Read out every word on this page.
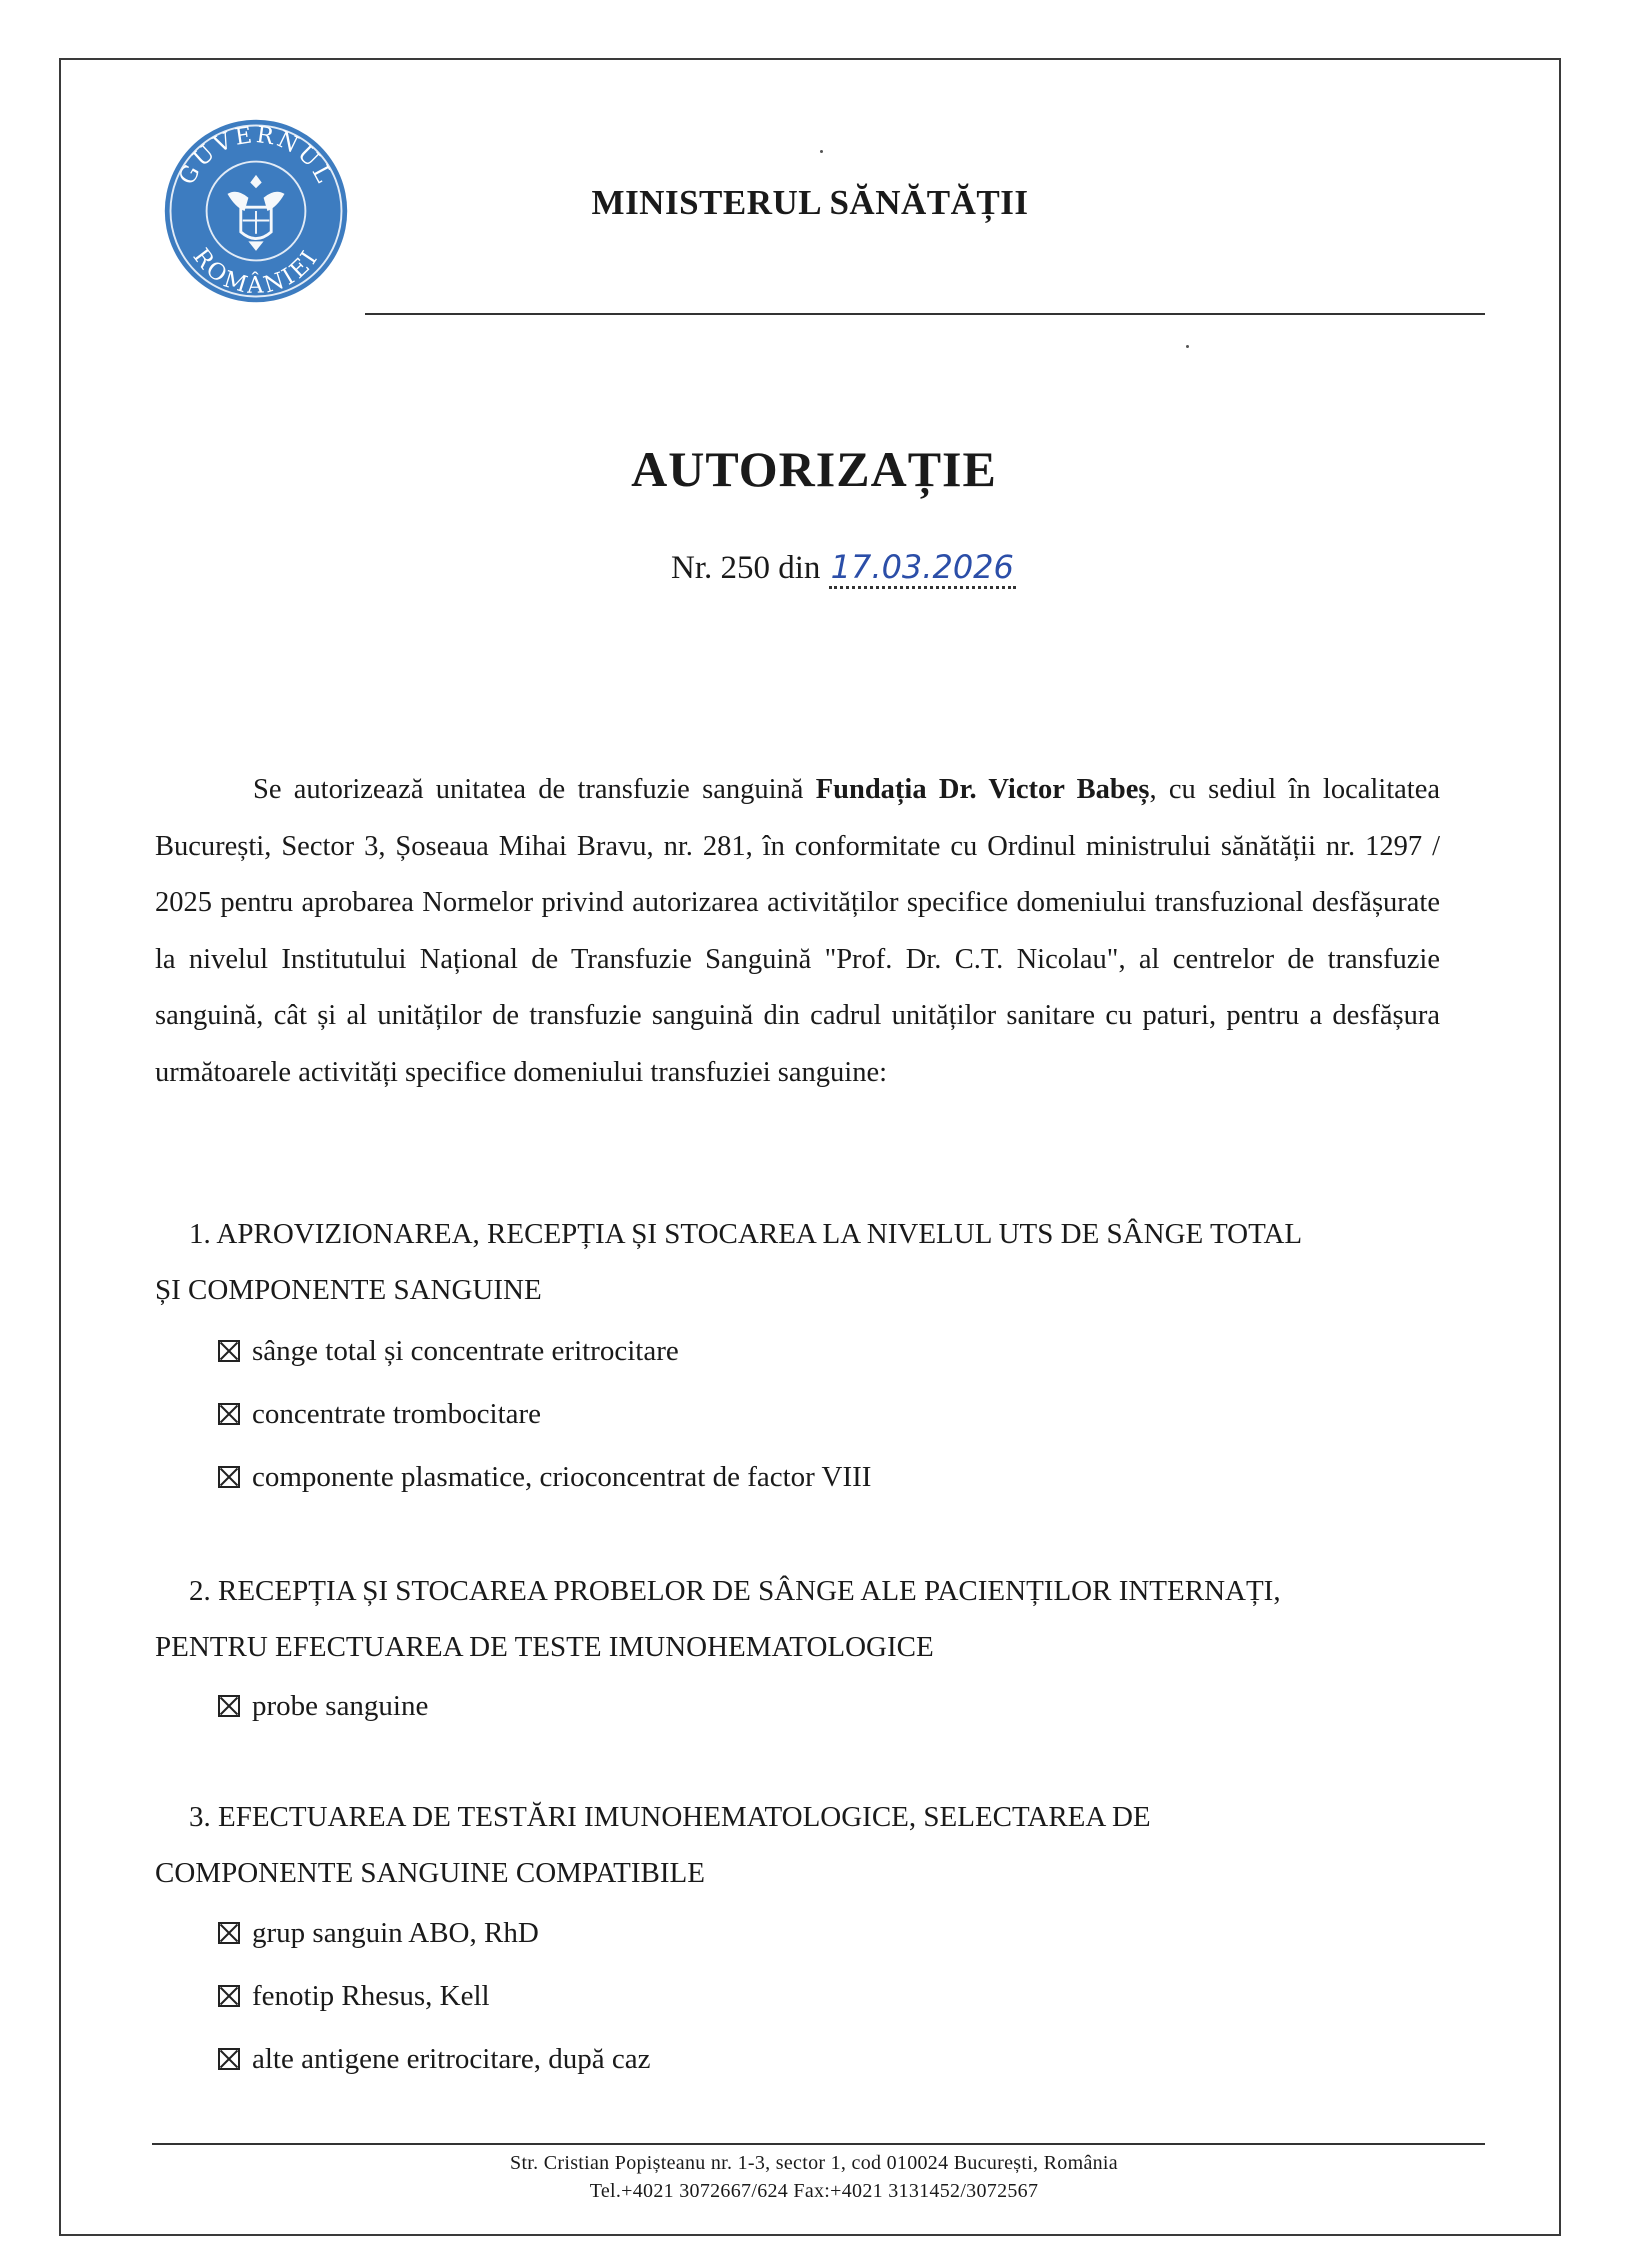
GUVERNUL
ROMÂNIEI
MINISTERUL SĂNĂTĂȚII
AUTORIZAȚIE
Nr. 250 din 17.03.2026
Se autorizează unitatea de transfuzie sanguină Fundația Dr. Victor Babeș, cu sediul în localitatea București, Sector 3, Șoseaua Mihai Bravu, nr. 281, în conformitate cu Ordinul ministrului sănătății nr. 1297 / 2025 pentru aprobarea Normelor privind autorizarea activităților specifice domeniului transfuzional desfășurate la nivelul Institutului Național de Transfuzie Sanguină "Prof. Dr. C.T. Nicolau", al centrelor de transfuzie sanguină, cât și al unităților de transfuzie sanguină din cadrul unităților sanitare cu paturi, pentru a desfășura următoarele activități specifice domeniului transfuziei sanguine:
1. APROVIZIONAREA, RECEPȚIA ȘI STOCAREA LA NIVELUL UTS DE SÂNGE TOTAL
ȘI COMPONENTE SANGUINE
sânge total și concentrate eritrocitare
concentrate trombocitare
componente plasmatice, crioconcentrat de factor VIII
2. RECEPȚIA ȘI STOCAREA PROBELOR DE SÂNGE ALE PACIENȚILOR INTERNAȚI,
PENTRU EFECTUAREA DE TESTE IMUNOHEMATOLOGICE
probe sanguine
3. EFECTUAREA DE TESTĂRI IMUNOHEMATOLOGICE, SELECTAREA DE
COMPONENTE SANGUINE COMPATIBILE
grup sanguin ABO, RhD
fenotip Rhesus, Kell
alte antigene eritrocitare, după caz
Str. Cristian Popișteanu nr. 1-3, sector 1, cod 010024 București, România
Tel.+4021 3072667/624 Fax:+4021 3131452/3072567
